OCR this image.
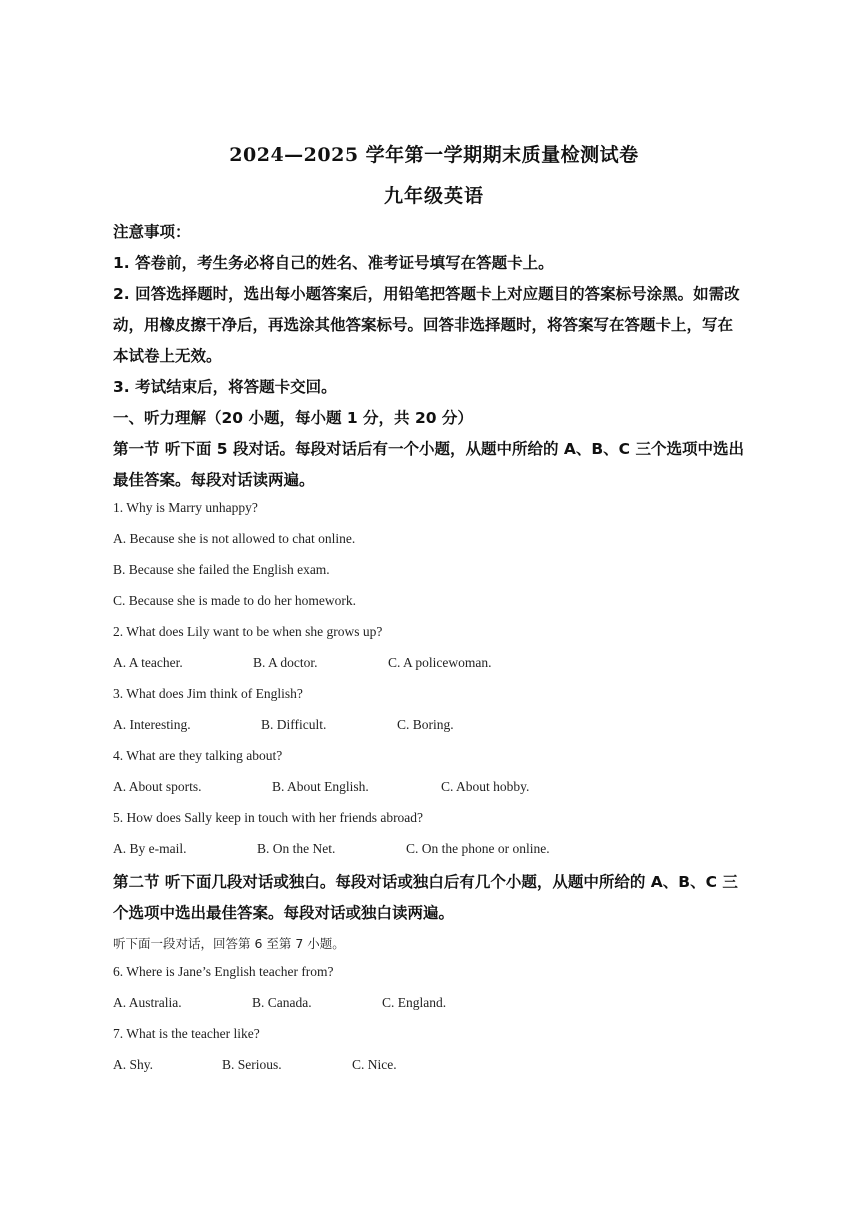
2024—2025 学年第一学期期末质量检测试卷
九年级英语
注意事项：
1. 答卷前，考生务必将自己的姓名、准考证号填写在答题卡上。
2. 回答选择题时，选出每小题答案后，用铅笔把答题卡上对应题目的答案标号涂黑。如需改
动，用橡皮擦干净后，再选涂其他答案标号。回答非选择题时，将答案写在答题卡上，写在
本试卷上无效。
3. 考试结束后，将答题卡交回。
一、听力理解（20 小题，每小题 1 分，共 20 分）
第一节 听下面 5 段对话。每段对话后有一个小题，从题中所给的 A、B、C 三个选项中选出
最佳答案。每段对话读两遍。
1. Why is Marry unhappy?
A. Because she is not allowed to chat online.
B. Because she failed the English exam.
C. Because she is made to do her homework.
2. What does Lily want to be when she grows up?
A. A teacher.	B. A doctor.	C. A policewoman.
3. What does Jim think of English?
A. Interesting.	B. Difficult.	C. Boring.
4. What are they talking about?
A. About sports.	B. About English.	C. About hobby.
5. How does Sally keep in touch with her friends abroad?
A. By e-mail.	B. On the Net.	C. On the phone or online.
第二节 听下面几段对话或独白。每段对话或独白后有几个小题，从题中所给的 A、B、C 三
个选项中选出最佳答案。每段对话或独白读两遍。
听下面一段对话，回答第 6 至第 7 小题。
6. Where is Jane’s English teacher from?
A. Australia.	B. Canada.	C. England.
7. What is the teacher like?
A. Shy.	B. Serious.	C. Nice.
